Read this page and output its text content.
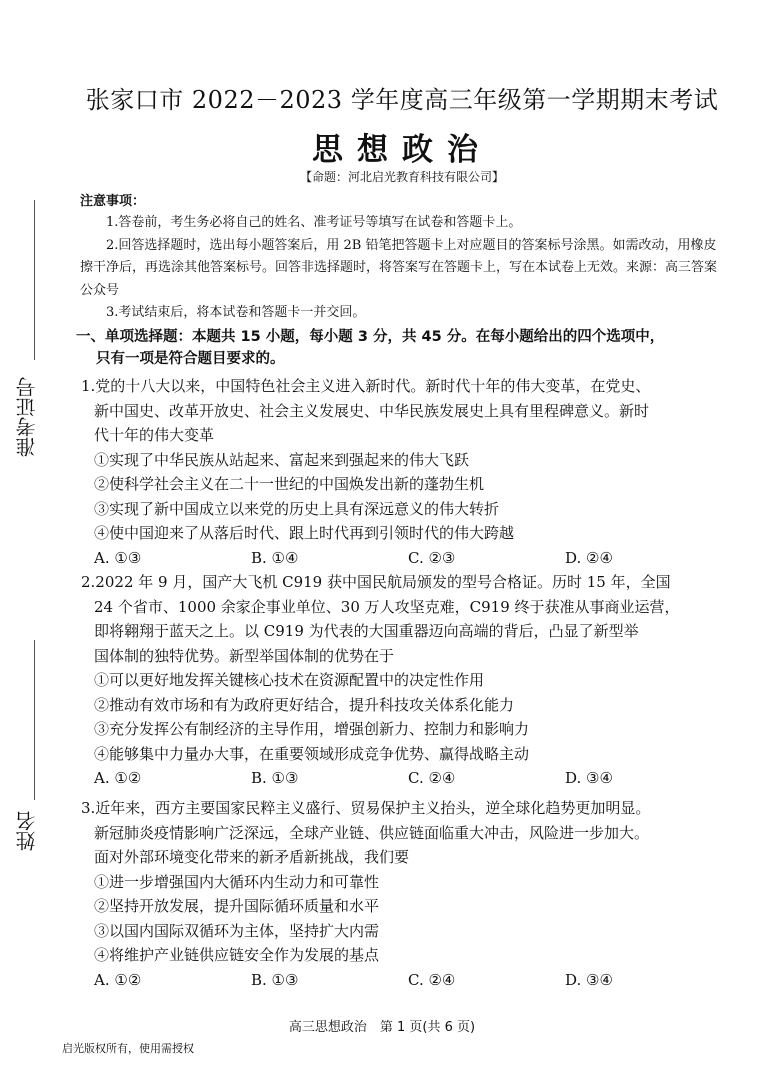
准考证号
姓名
张家口市 2022－2023 学年度高三年级第一学期期末考试
思想政治
【命题：河北启光教育科技有限公司】
注意事项：

1.答卷前，考生务必将自己的姓名、准考证号等填写在试卷和答题卡上。

2.回答选择题时，选出每小题答案后，用 2B 铅笔把答题卡上对应题目的答案标号涂黑。如需改动，用橡皮擦干净后，再选涂其他答案标号。回答非选择题时，将答案写在答题卡上，写在本试卷上无效。来源：高三答案公众号

3.考试结束后，将本试卷和答题卡一并交回。

一、单项选择题：本题共 15 小题，每小题 3 分，共 45 分。在每小题给出的四个选项中，
只有一项是符合题目要求的。

1.党的十八大以来，中国特色社会主义进入新时代。新时代十年的伟大变革，在党史、

新中国史、改革开放史、社会主义发展史、中华民族发展史上具有里程碑意义。新时

代十年的伟大变革

①实现了中华民族从站起来、富起来到强起来的伟大飞跃

②使科学社会主义在二十一世纪的中国焕发出新的蓬勃生机

③实现了新中国成立以来党的历史上具有深远意义的伟大转折

④使中国迎来了从落后时代、跟上时代再到引领时代的伟大跨越

A. ①③	B. ①④	C. ②③	D. ②④

2.2022 年 9 月，国产大飞机 C919 获中国民航局颁发的型号合格证。历时 15 年，全国

24 个省市、1000 余家企事业单位、30 万人攻坚克难，C919 终于获准从事商业运营，

即将翱翔于蓝天之上。以 C919 为代表的大国重器迈向高端的背后，凸显了新型举

国体制的独特优势。新型举国体制的优势在于

①可以更好地发挥关键核心技术在资源配置中的决定性作用

②推动有效市场和有为政府更好结合，提升科技攻关体系化能力

③充分发挥公有制经济的主导作用，增强创新力、控制力和影响力

④能够集中力量办大事，在重要领域形成竞争优势、赢得战略主动

A. ①②	B. ①③	C. ②④	D. ③④

3.近年来，西方主要国家民粹主义盛行、贸易保护主义抬头，逆全球化趋势更加明显。

新冠肺炎疫情影响广泛深远，全球产业链、供应链面临重大冲击，风险进一步加大。

面对外部环境变化带来的新矛盾新挑战，我们要

①进一步增强国内大循环内生动力和可靠性

②坚持开放发展，提升国际循环质量和水平

③以国内国际双循环为主体，坚持扩大内需

④将维护产业链供应链安全作为发展的基点

A. ①②	B. ①③	C. ②④	D. ③④
高三思想政治　第 1 页(共 6 页)
启光版权所有，使用需授权
